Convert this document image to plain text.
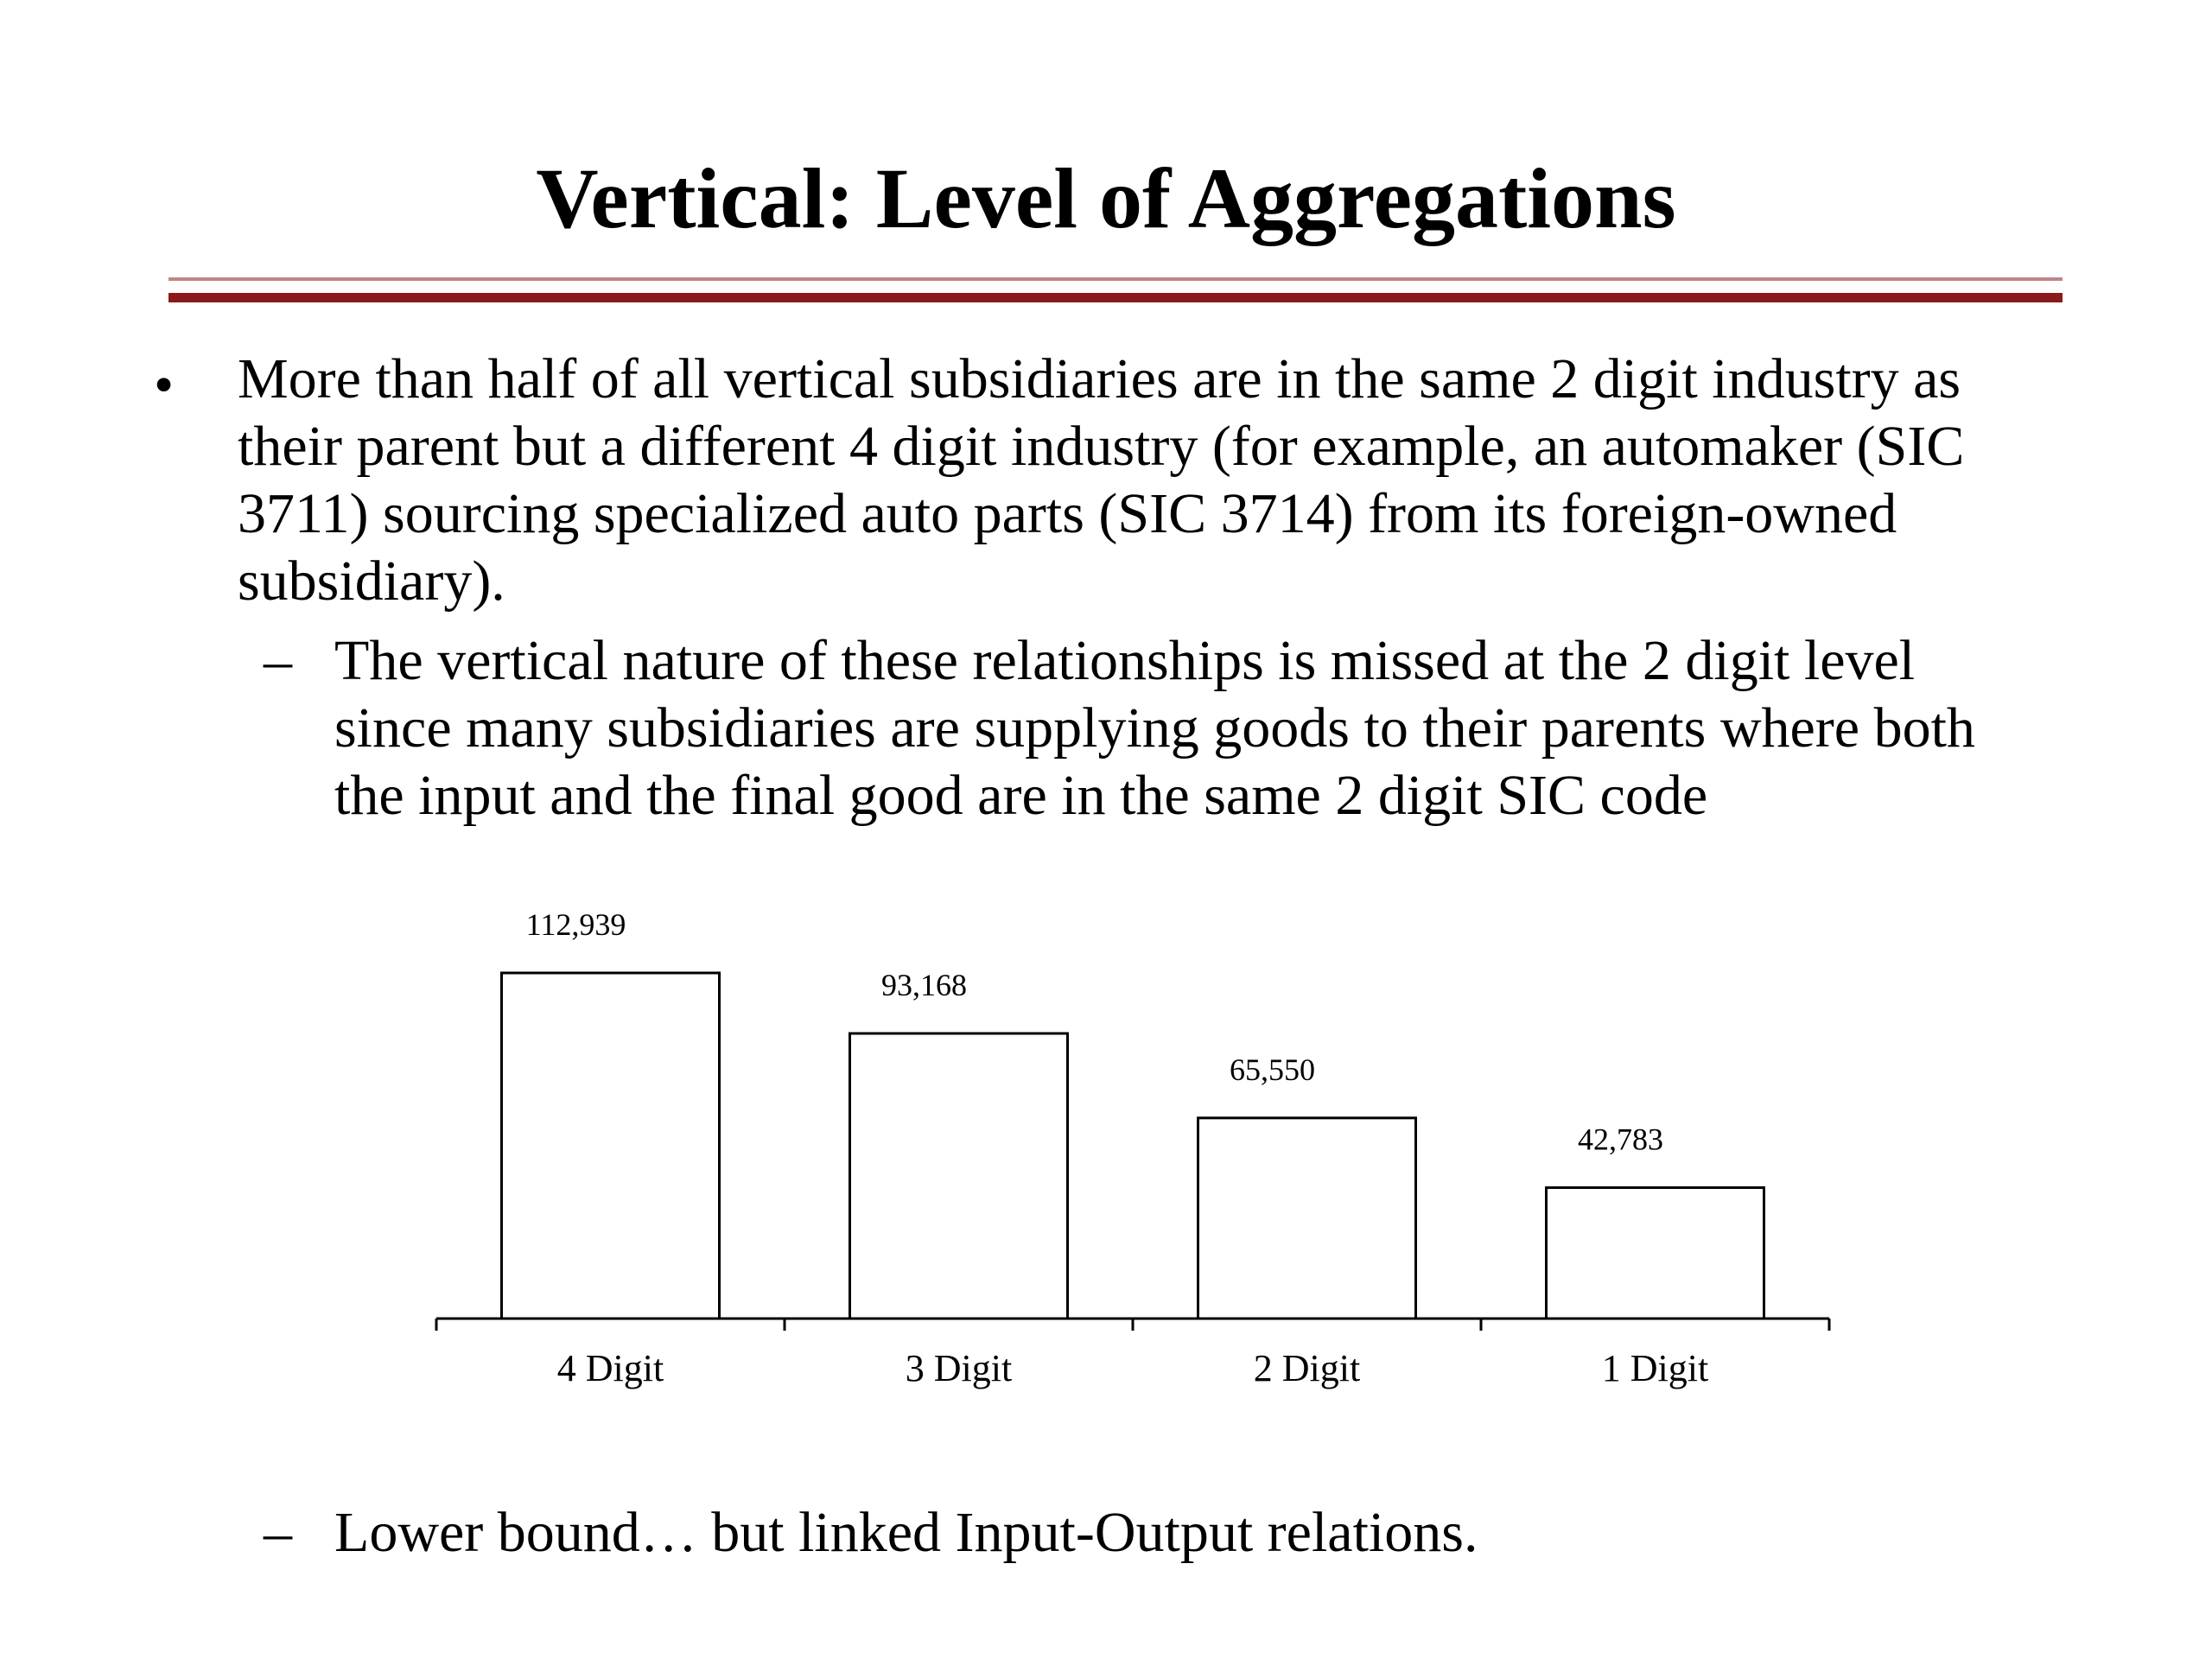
Vertical: Level of Aggregations
• More than half of all vertical subsidiaries are in the same 2 digit industry as
their parent but a different 4 digit industry (for example, an automaker (SIC
3711) sourcing specialized auto parts (SIC 3714) from its foreign-owned
subsidiary).
– The vertical nature of these relationships is missed at the 2 digit level
since many subsidiaries are supplying goods to their parents where both
the input and the final good are in the same 2 digit SIC code
112,939
4 Digit
93,168
3 Digit
65,550
2 Digit
42,783
1 Digit
– Lower bound… but linked Input-Output relations.
